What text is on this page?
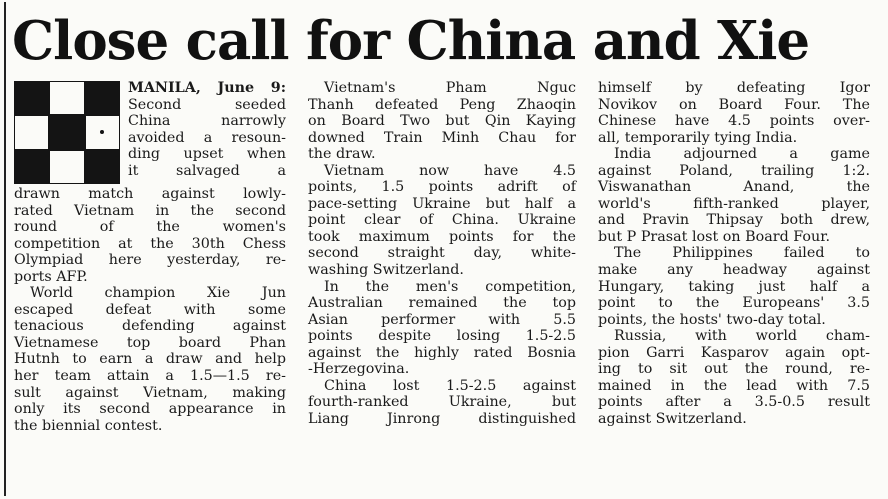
Close call for China and Xie
MANILA, June 9:
Second seeded
China narrowly
avoided a resoun-
ding upset when
it salvaged a
drawn match against lowly-
rated Vietnam in the second
round of the women's
competition at the 30th Chess
Olympiad here yesterday, re-
ports AFP.
World champion Xie Jun
escaped defeat with some
tenacious defending against
Vietnamese top board Phan
Hutnh to earn a draw and help
her team attain a 1.5—1.5 re-
sult against Vietnam, making
only its second appearance in
the biennial contest.
Vietnam's Pham Nguc
Thanh defeated Peng Zhaoqin
on Board Two but Qin Kaying
downed Train Minh Chau for
the draw.
Vietnam now have 4.5
points, 1.5 points adrift of
pace-setting Ukraine but half a
point clear of China. Ukraine
took maximum points for the
second straight day, white-
washing Switzerland.
In the men's competition,
Australian remained the top
Asian performer with 5.5
points despite losing 1.5-2.5
against the highly rated Bosnia
-Herzegovina.
China lost 1.5-2.5 against
fourth-ranked Ukraine, but
Liang Jinrong distinguished
himself by defeating Igor
Novikov on Board Four. The
Chinese have 4.5 points over-
all, temporarily tying India.
India adjourned a game
against Poland, trailing 1:2.
Viswanathan Anand, the
world's fifth-ranked player,
and Pravin Thipsay both drew,
but P Prasat lost on Board Four.
The Philippines failed to
make any headway against
Hungary, taking just half a
point to the Europeans' 3.5
points, the hosts' two-day total.
Russia, with world cham-
pion Garri Kasparov again opt-
ing to sit out the round, re-
mained in the lead with 7.5
points after a 3.5-0.5 result
against Switzerland.
